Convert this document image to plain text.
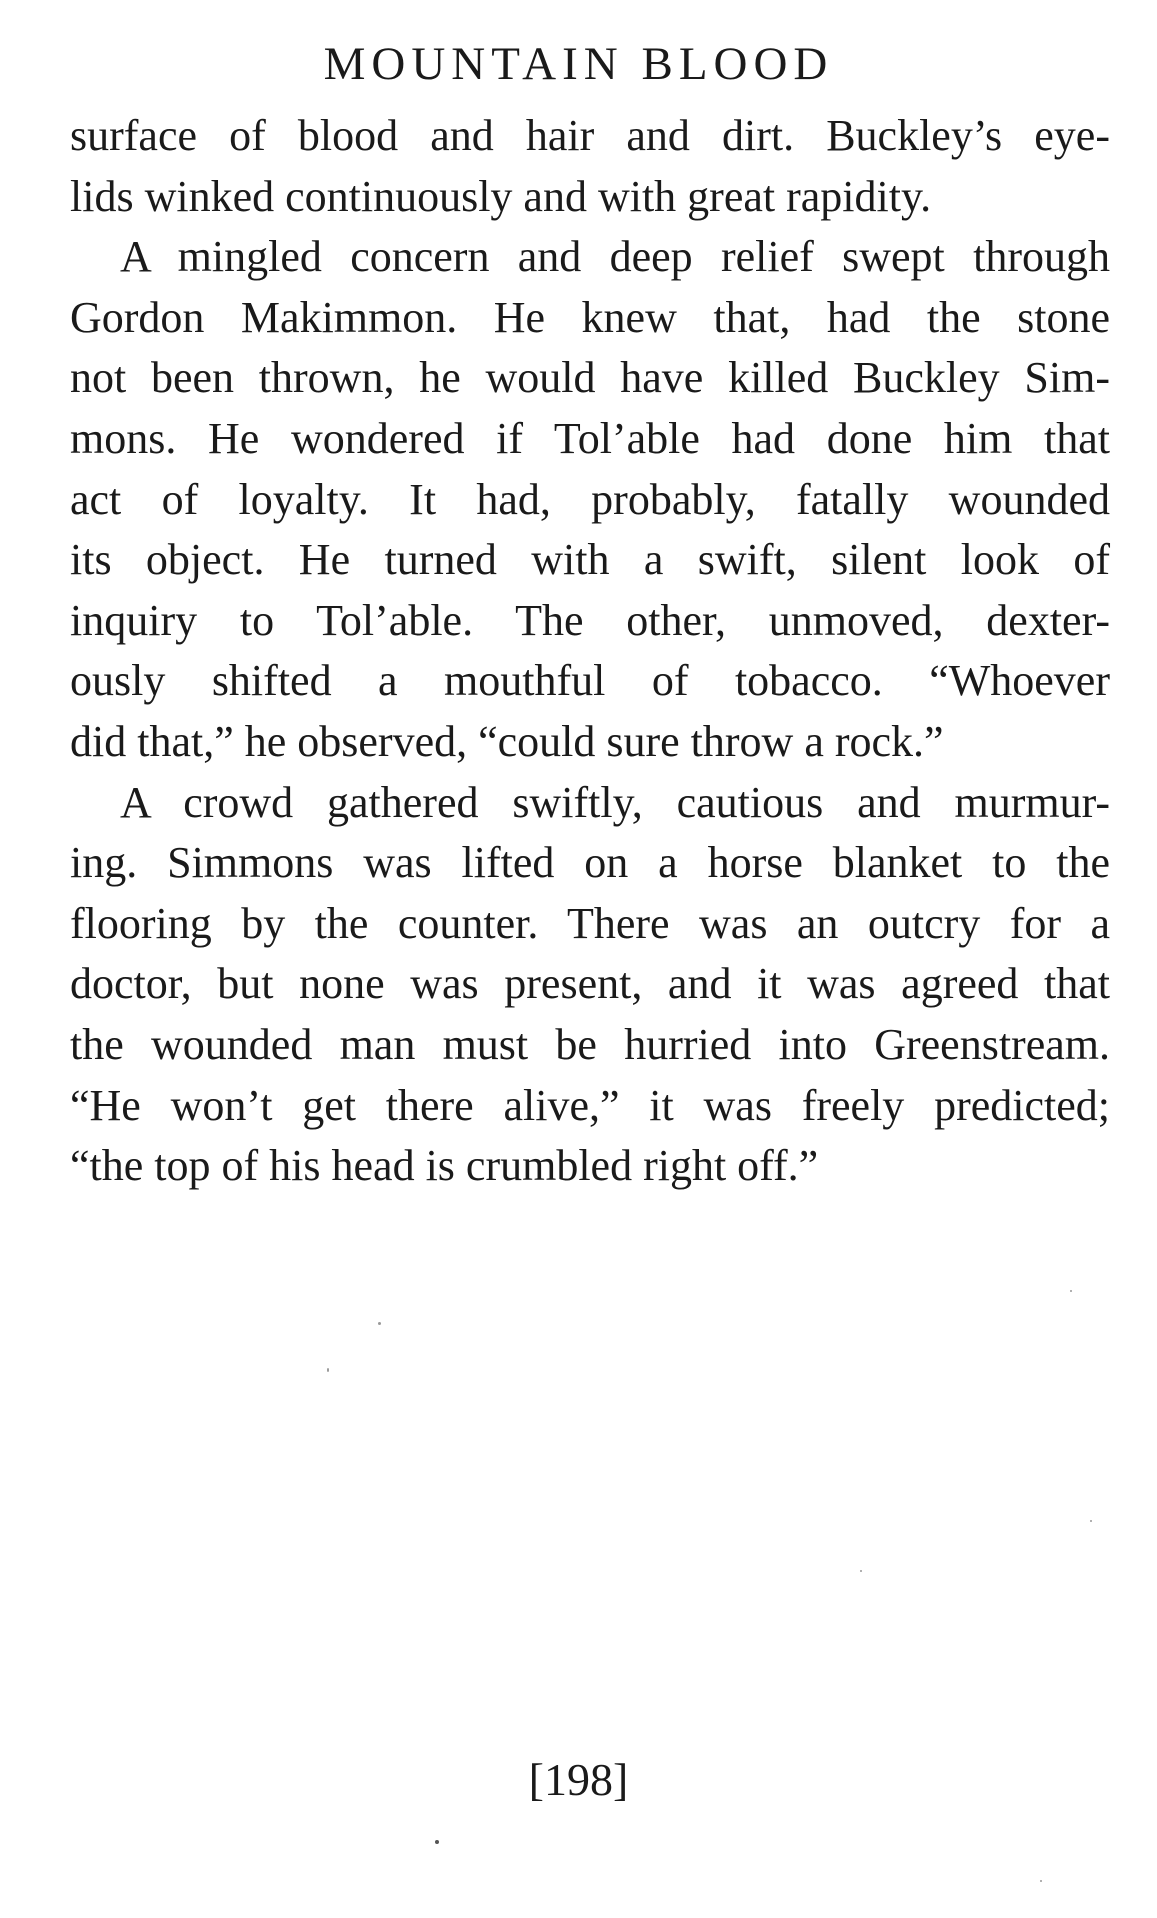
MOUNTAIN BLOOD
surface of blood and hair and dirt. Buckley’s eye-
lids winked continuously and with great rapidity.
A mingled concern and deep relief swept through
Gordon Makimmon. He knew that, had the stone
not been thrown, he would have killed Buckley Sim-
mons. He wondered if Tol’able had done him that
act of loyalty. It had, probably, fatally wounded
its object. He turned with a swift, silent look of
inquiry to Tol’able. The other, unmoved, dexter-
ously shifted a mouthful of tobacco. “Whoever
did that,” he observed, “could sure throw a rock.”
A crowd gathered swiftly, cautious and murmur-
ing. Simmons was lifted on a horse blanket to the
flooring by the counter. There was an outcry for a
doctor, but none was present, and it was agreed that
the wounded man must be hurried into Greenstream.
“He won’t get there alive,” it was freely predicted;
“the top of his head is crumbled right off.”
[198]
